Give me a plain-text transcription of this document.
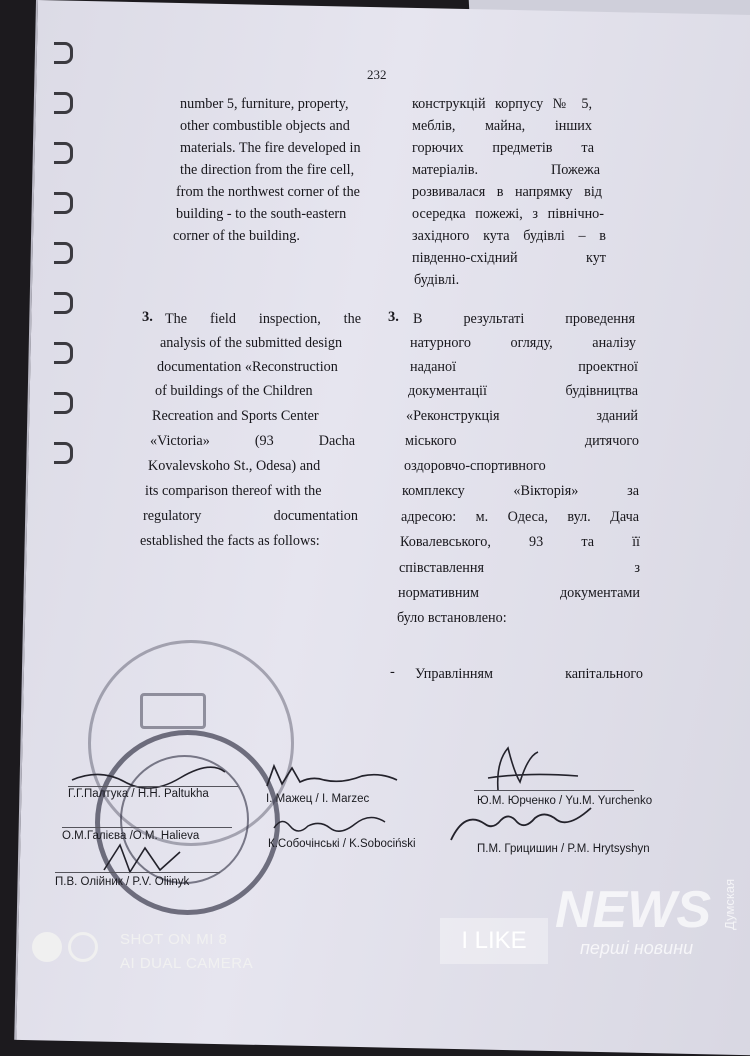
232
number 5, furniture, property,
other combustible objects and
materials. The fire developed in
the direction from the fire cell,
from the northwest corner of the
building - to the south-eastern
corner of the building.
конструкцій корпусу № 5,
меблів, майна, інших
горючих предметів та
матеріалів. Пожежа
розвивалася в напрямку від
осередка пожежі, з північно-
західного кута будівлі – в
південно-східний кут
будівлі.
3. The field inspection, the
analysis of the submitted design
documentation «Reconstruction
of buildings of the Children
Recreation and Sports Center
«Victoria» (93 Dacha
Kovalevskoho St., Odesa) and
its comparison thereof with the
regulatory documentation
established the facts as follows:
3. В результаті проведення
натурного огляду, аналізу
наданої проектної
документації будівництва
«Реконструкція зданий
міського дитячого
оздоровчо-спортивного
комплексу «Вікторія» за
адресою: м. Одеса, вул. Дача
Ковалевського, 93 та її
співставлення з
нормативним документами
було встановлено:
- Управлінням капітального
Г.Г.Палтука / H.H. Paltukha
О.М.Галієва /O.M. Halieva
П.В. Олійник / P.V. Oliinyk
I. Мажец / I. Marzec
К.Собочінські / K.Sobociński
Ю.М. Юрченко / Yu.M. Yurchenko
П.М. Грицишин / P.M. Hrytsyshyn
I LIKE
NEWS
перші новини
Думская
SHOT ON MI 8
AI DUAL CAMERA
